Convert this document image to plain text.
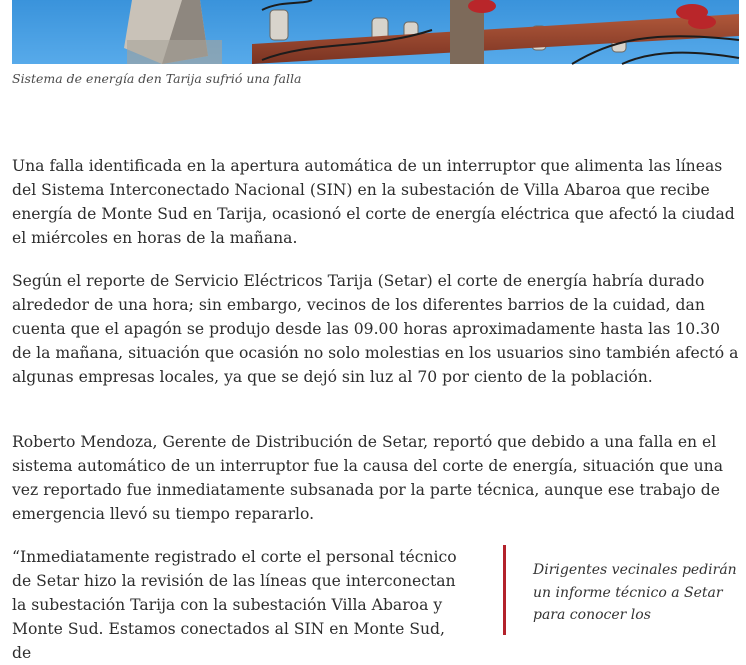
Sistema de energía den Tarija sufrió una falla

Una falla identificada en la apertura automática de un interruptor que alimenta las líneas del Sistema Interconectado Nacional (SIN) en la subestación de Villa Abaroa que recibe energía de Monte Sud en Tarija, ocasionó el corte de energía eléctrica que afectó la ciudad el miércoles en horas de la mañana.

Según el reporte de Servicio Eléctricos Tarija (Setar) el corte de energía habría durado alrededor de una hora; sin embargo, vecinos de los diferentes barrios de la cuidad, dan cuenta que el apagón se produjo desde las 09.00 horas aproximadamente hasta las 10.30 de la mañana, situación que ocasión no solo molestias en los usuarios sino también afectó a algunas empresas locales, ya que se dejó sin luz al 70 por ciento de la población.

Roberto Mendoza, Gerente de Distribución de Setar, reportó que debido a una falla en el sistema automático de un interruptor fue la causa del corte de energía, situación que una vez reportado fue inmediatamente subsanada por la parte técnica, aunque ese trabajo de emergencia llevó su tiempo repararlo.

“Inmediatamente registrado el corte el personal técnico de Setar hizo la revisión de las líneas que interconectan la subestación Tarija con la subestación Villa Abaroa y Monte Sud. Estamos conectados al SIN en Monte Sud, de

Dirigentes vecinales pedirán un informe técnico a Setar para conocer los
